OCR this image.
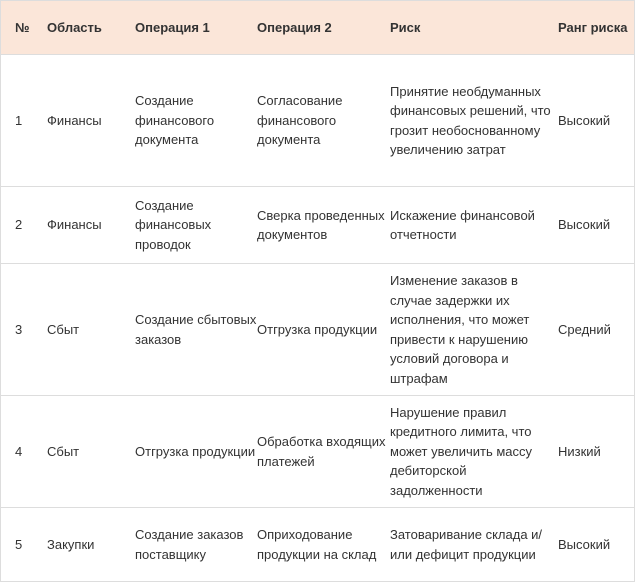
№	Область	Операция 1	Операция 2	Риск	Ранг риска
1	Финансы	Создание финансового документа	Согласование финансового документа	Принятие необдуманных финансовых решений, что грозит необоснованному увеличению затрат	Высокий
2	Финансы	Создание финансовых проводок	Сверка проведенных документов	Искажение финансовой отчетности	Высокий
3	Сбыт	Создание сбытовых заказов	Отгрузка продукции	Изменение заказов в случае задержки их исполнения, что может привести к нарушению условий договора и штрафам	Средний
4	Сбыт	Отгрузка продукции	Обработка входящих платежей	Нарушение правил кредитного лимита, что может увеличить массу дебиторской задолженности	Низкий
5	Закупки	Создание заказов поставщику	Оприходование продукции на склад	Затоваривание склада и/или дефицит продукции	Высокий
